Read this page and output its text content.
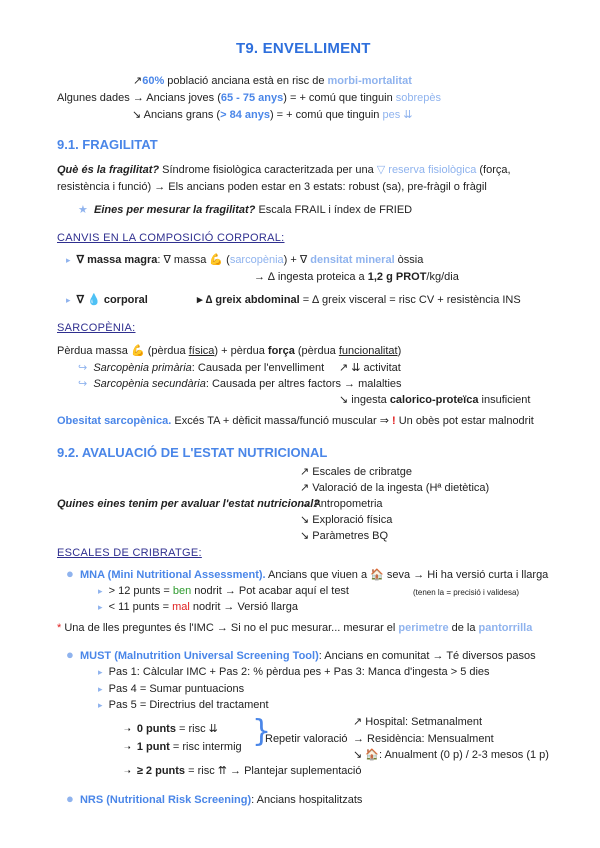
T9. ENVELLIMENT
↗60% població anciana està en risc de morbi-mortalitat
Algunes dades → Ancians joves (65 - 75 anys) = + comú que tinguin sobrepès
↘ Ancians grans (> 84 anys) = + comú que tinguin pes ⇊
9.1. FRAGILITAT
Què és la fragilitat? Síndrome fisiològica caracteritzada per una ▽ reserva fisiològica (força,
resistència i funció) → Els ancians poden estar en 3 estats: robust (sa), pre-fràgil o fràgil
★ Eines per mesurar la fragilitat? Escala FRAIL i índex de FRIED
CANVIS EN LA COMPOSICIÓ CORPORAL:
▸ ∇ massa magra: ∇ massa 💪 (sarcopènia) + ∇ densitat mineral òssia
→ ∆ ingesta proteica a 1,2 g PROT/kg/dia
▸ ∇ 💧 corporal	▸ ∆ greix abdominal = ∆ greix visceral = risc CV + resistència INS
SARCOPÈNIA:
Pèrdua massa 💪 (pèrdua física) + pèrdua força (pèrdua funcionalitat)
↪ Sarcopènia primària: Causada per l'envelliment ↗ ⇊ activitat
↪ Sarcopènia secundària: Causada per altres factors → malalties
↘ ingesta calorico-proteïca insuficient
Obesitat sarcopènica. Excés TA + dèficit massa/funció muscular ⇒ ! Un obès pot estar malnodrit
9.2. AVALUACIÓ DE L'ESTAT NUTRICIONAL
↗ Escales de cribratge
↗ Valoració de la ingesta (Hª dietètica)
Quines eines tenim per avaluar l'estat nutricional?
→ Antropometria
↘ Exploració física
↘ Paràmetres BQ
ESCALES DE CRIBRATGE:
● MNA (Mini Nutritional Assessment). Ancians que viuen a 🏠 seva → Hi ha versió curta i llarga
▸ > 12 punts = ben nodrit → Pot acabar aquí el test	(tenen la = precisió i validesa)
▸ < 11 punts = mal nodrit → Versió llarga
* Una de lles preguntes és l'IMC → Si no el puc mesurar... mesurar el perimetre de la pantorrilla
● MUST (Malnutrition Universal Screening Tool): Ancians en comunitat → Té diversos pasos
▸ Pas 1: Càlcular IMC + Pas 2: % pèrdua pes + Pas 3: Manca d'ingesta > 5 dies
▸ Pas 4 = Sumar puntuacions
▸ Pas 5 = Directrius del tractament
➝ 0 punts = risc ⇊
➝ 1 punt = risc intermig }
Repetir valoració
↗ Hospital: Setmanalment
→ Residència: Mensualment
↘ 🏠: Anualment (0 p) / 2-3 mesos (1 p)
➝ ≥ 2 punts = risc ⇈ → Plantejar suplementació
● NRS (Nutritional Risk Screening): Ancians hospitalitzats
